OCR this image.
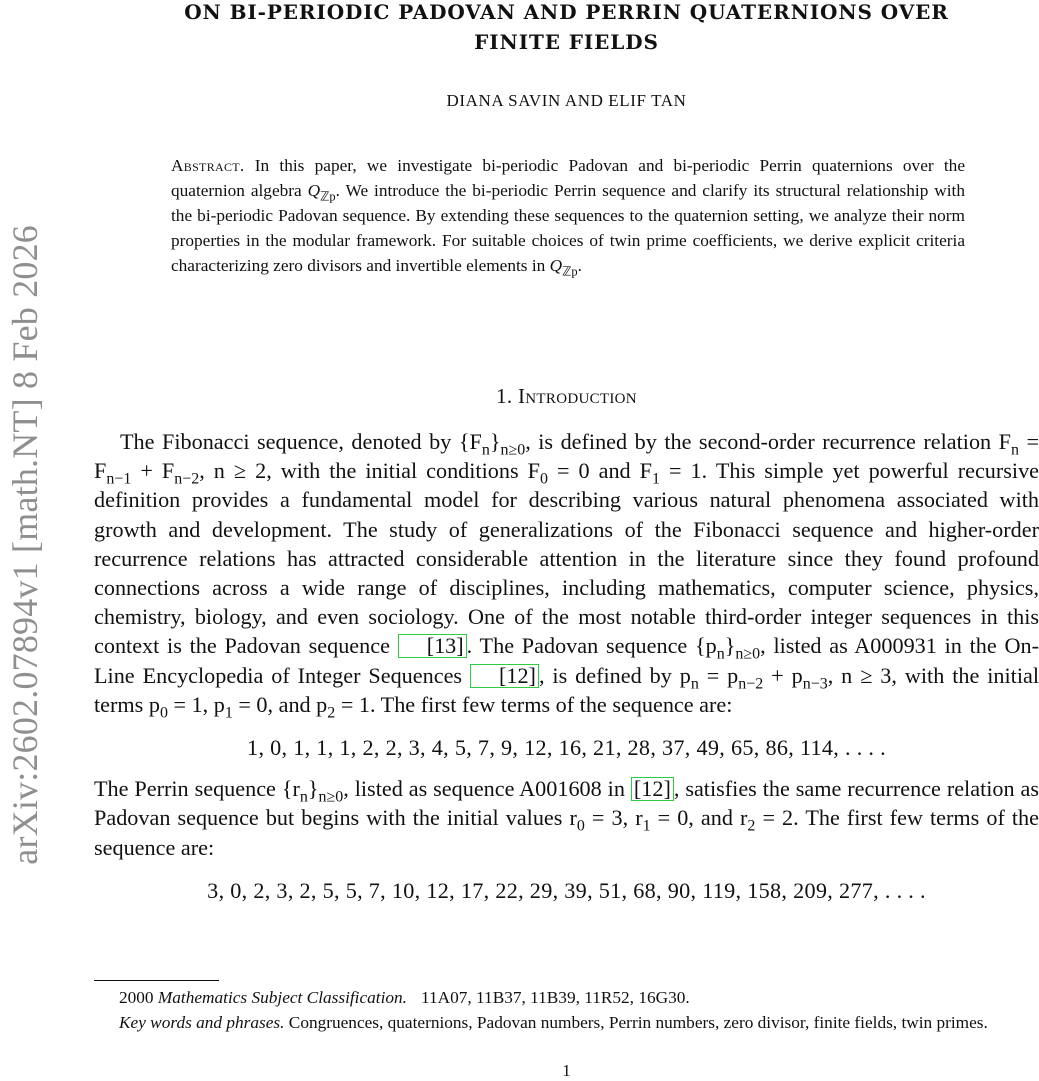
arXiv:2602.07894v1 [math.NT] 8 Feb 2026
ON BI-PERIODIC PADOVAN AND PERRIN QUATERNIONS OVER
FINITE FIELDS
DIANA SAVIN AND ELIF TAN
Abstract. In this paper, we investigate bi-periodic Padovan and bi-periodic Perrin quaternions over the quaternion algebra $Q_{ℤp}$. We introduce the bi-periodic Perrin sequence and clarify its structural relationship with the bi-periodic Padovan sequence. By extending these sequences to the quaternion setting, we analyze their norm properties in the modular framework. For suitable choices of twin prime coefficients, we derive explicit criteria characterizing zero divisors and invertible elements in $Q_{ℤp}$.
1. Introduction

The Fibonacci sequence, denoted by $\{F_n\}_{n\ge 0}$, is defined by the second-order recurrence relation $F_n = F_{n-1} + F_{n-2}$, n ≥ 2, with the initial conditions $F_0 = 0$ and $F_1 = 1$. This simple yet powerful recursive definition provides a fundamental model for describing various natural phenomena associated with growth and development. The study of generalizations of the Fibonacci sequence and higher-order recurrence relations has attracted considerable attention in the literature since they found profound connections across a wide range of disciplines, including mathematics, computer science, physics, chemistry, biology, and even sociology. One of the most notable third-order integer sequences in this context is the Padovan sequence [13] . The Padovan sequence $\{p_n\}_{n\ge 0}$, listed as A000931 in the On-Line Encyclopedia of Integer Sequences [12] , is defined by $p_n = p_{n-2} + p_{n-3}$, n ≥ 3, with the initial terms $p_0 = 1$, $p_1 = 0$, and $p_2 = 1$. The first few terms of the sequence are:

1, 0, 1, 1, 1, 2, 2, 3, 4, 5, 7, 9, 12, 16, 21, 28, 37, 49, 65, 86, 114, . . . .

The Perrin sequence $\{r_n\}_{n\ge 0}$, listed as sequence A001608 in [12] , satisfies the same recurrence relation as Padovan sequence but begins with the initial values $r_0 = 3$, $r_1 = 0$, and $r_2 = 2$. The first few terms of the sequence are:

3, 0, 2, 3, 2, 5, 5, 7, 10, 12, 17, 22, 29, 39, 51, 68, 90, 119, 158, 209, 277, . . . .

2000 Mathematics Subject Classification. 11A07, 11B37, 11B39, 11R52, 16G30.

Key words and phrases. Congruences, quaternions, Padovan numbers, Perrin numbers, zero divisor, finite fields, twin primes.

1
